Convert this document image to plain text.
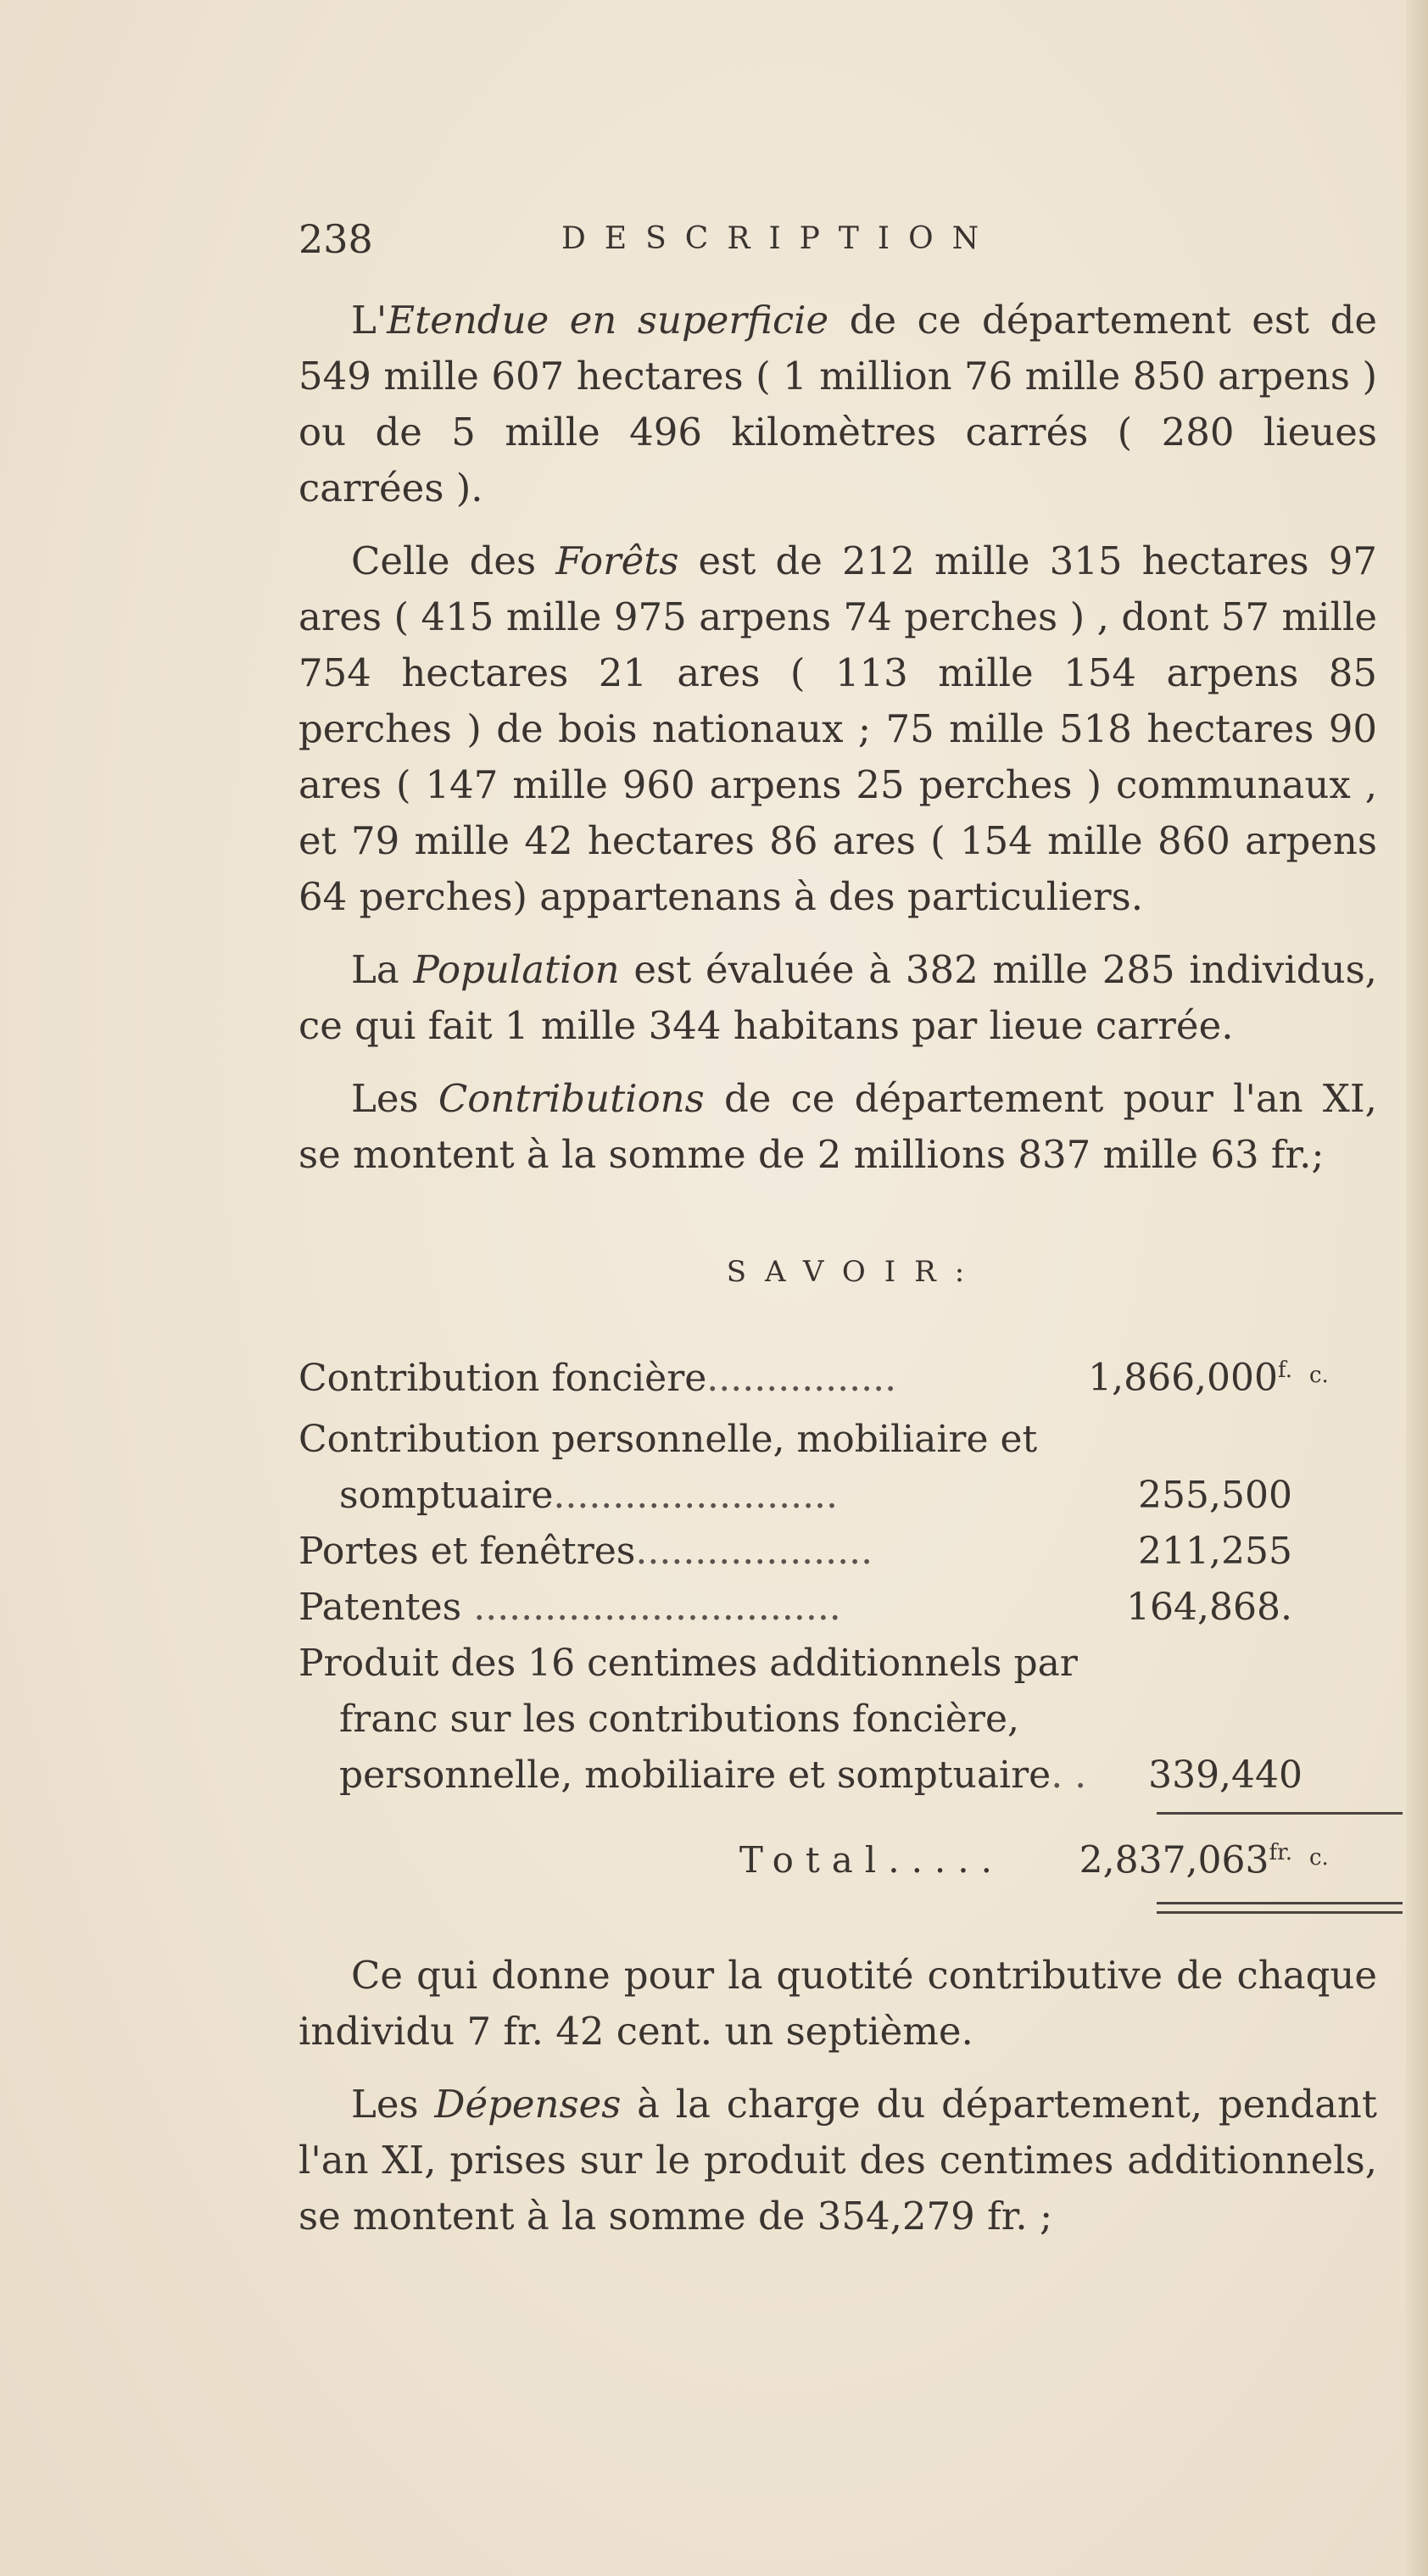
238	DESCRIPTION

L'Etendue en superficie de ce département est de 549 mille 607 hectares ( 1 million 76 mille 850 arpens ) ou de 5 mille 496 kilomètres carrés ( 280 lieues carrées ).

Celle des Forêts est de 212 mille 315 hectares 97 ares ( 415 mille 975 arpens 74 perches ) , dont 57 mille 754 hectares 21 ares ( 113 mille 154 arpens 85 perches ) de bois nationaux ; 75 mille 518 hectares 90 ares ( 147 mille 960 arpens 25 perches ) communaux , et 79 mille 42 hectares 86 ares ( 154 mille 860 arpens 64 perches) appartenans à des particuliers.

La Population est évaluée à 382 mille 285 individus, ce qui fait 1 mille 344 habitans par lieue carrée.

Les Contributions de ce département pour l'an XI, se montent à la somme de 2 millions 837 mille 63 fr.;

SAVOIR:
Contribution foncière................	$1,866,000^{f.}$ $^{c.}$
Contribution personnelle, mobiliaire et
somptuaire........................	255,500
Portes et fenêtres....................	211,255
Patentes ...............................	164,868.
Produit des 16 centimes additionnels par
franc sur les contributions foncière,
personnelle, mobiliaire et somptuaire. .	339,440
Total.....	$2,837,063^{fr.}$ $^{c.}$

Ce qui donne pour la quotité contributive de chaque individu 7 fr. 42 cent. un septième.

Les Dépenses à la charge du département, pendant l'an XI, prises sur le produit des centimes additionnels, se montent à la somme de 354,279 fr. ;
